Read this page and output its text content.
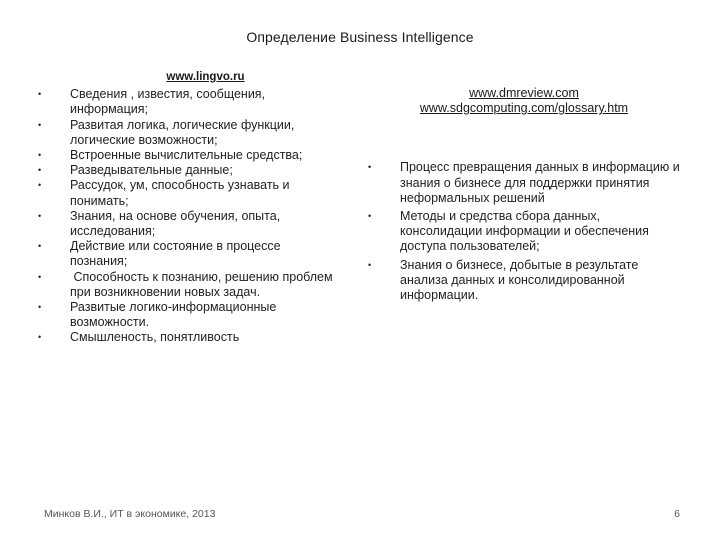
Определение Business Intelligence
www.lingvo.ru
•	Сведения , известия, сообщения, информация;
•	Развитая логика, логические функции, логические возможности;
•	Встроенные вычислительные средства;
•	Разведывательные данные;
•	Рассудок, ум, способность узнавать и понимать;
•	Знания, на основе обучения, опыта, исследования;
•	Действие или состояние в процессе познания;
•	Способность к познанию, решению проблем при возникновении новых задач.
•	Развитые логико-информационные возможности.
•	Смышленость, понятливость
www.dmreview.com
www.sdgcomputing.com/glossary.htm
•	Процесс превращения данных в информацию и знания о бизнесе для поддержки принятия неформальных решений
•	Методы и средства сбора данных, консолидации информации и обеспечения доступа пользователей;
•	Знания о бизнесе, добытые в результате анализа данных и консолидированной информации.
Минков В.И., ИТ в экономике, 2013	6
